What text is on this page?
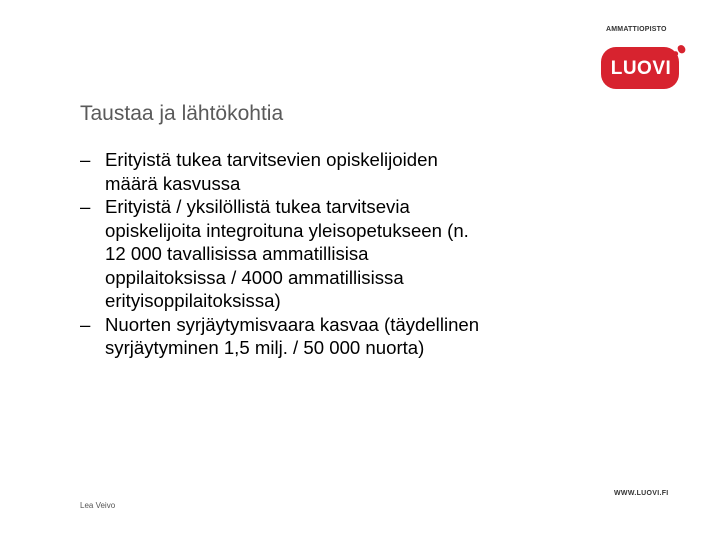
AMMATTIOPISTO
LUOVI
Taustaa ja lähtökohtia
– Erityistä tukea tarvitsevien opiskelijoiden
määrä kasvussa
– Erityistä / yksilöllistä tukea tarvitsevia
opiskelijoita integroituna yleisopetukseen (n.
12 000 tavallisissa ammatillisisa
oppilaitoksissa / 4000 ammatillisissa
erityisoppilaitoksissa)
– Nuorten syrjäytymisvaara kasvaa (täydellinen
syrjäytyminen 1,5 milj. / 50 000 nuorta)
Lea Veivo
WWW.LUOVI.FI
